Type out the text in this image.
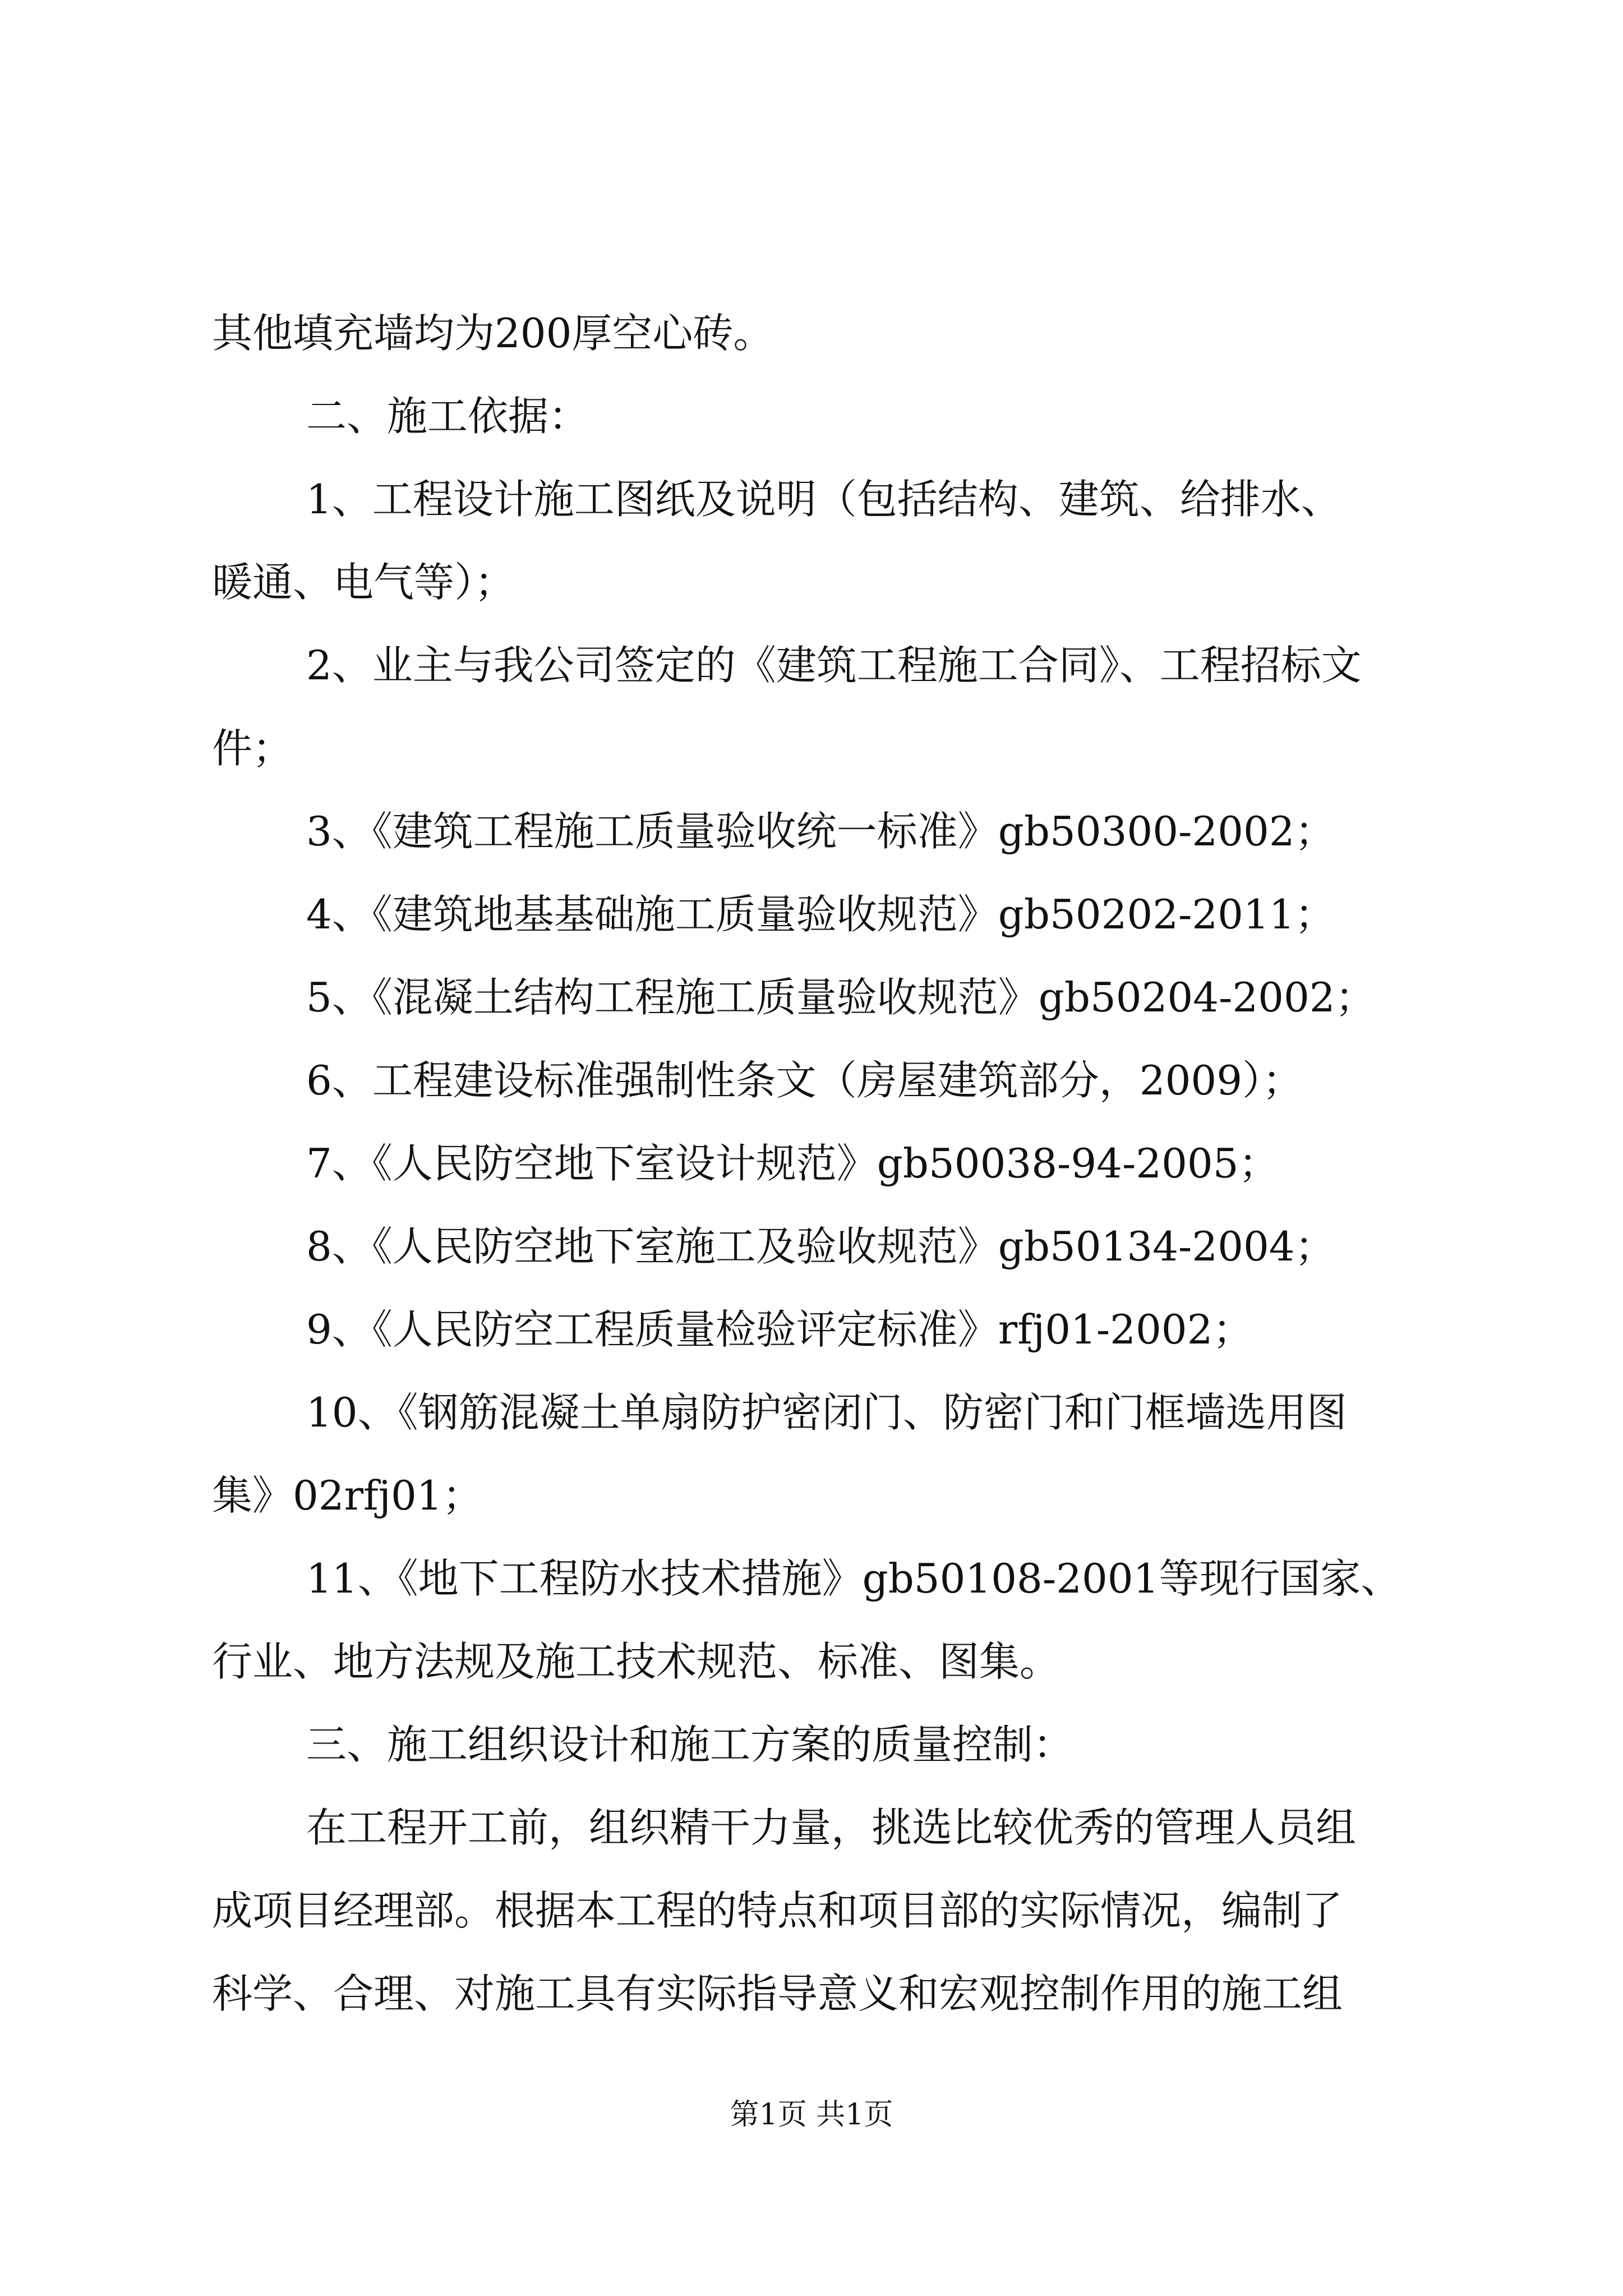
其他填充墙均为200厚空心砖。
二、施工依据：
1、工程设计施工图纸及说明（包括结构、建筑、给排水、
暖通、电气等）；
2、业主与我公司签定的《建筑工程施工合同》、工程招标文
件；
3、《建筑工程施工质量验收统一标准》gb50300-2002；
4、《建筑地基基础施工质量验收规范》gb50202-2011；
5、《混凝土结构工程施工质量验收规范》gb50204-2002；
6、工程建设标准强制性条文（房屋建筑部分，2009）；
7、《人民防空地下室设计规范》gb50038-94-2005；
8、《人民防空地下室施工及验收规范》gb50134-2004；
9、《人民防空工程质量检验评定标准》rfj01-2002；
10、《钢筋混凝土单扇防护密闭门、防密门和门框墙选用图
集》02rfj01；
11、《地下工程防水技术措施》gb50108-2001等现行国家、
行业、地方法规及施工技术规范、标准、图集。
三、施工组织设计和施工方案的质量控制：
在工程开工前，组织精干力量，挑选比较优秀的管理人员组
成项目经理部。根据本工程的特点和项目部的实际情况，编制了
科学、合理、对施工具有实际指导意义和宏观控制作用的施工组
第1页 共1页
